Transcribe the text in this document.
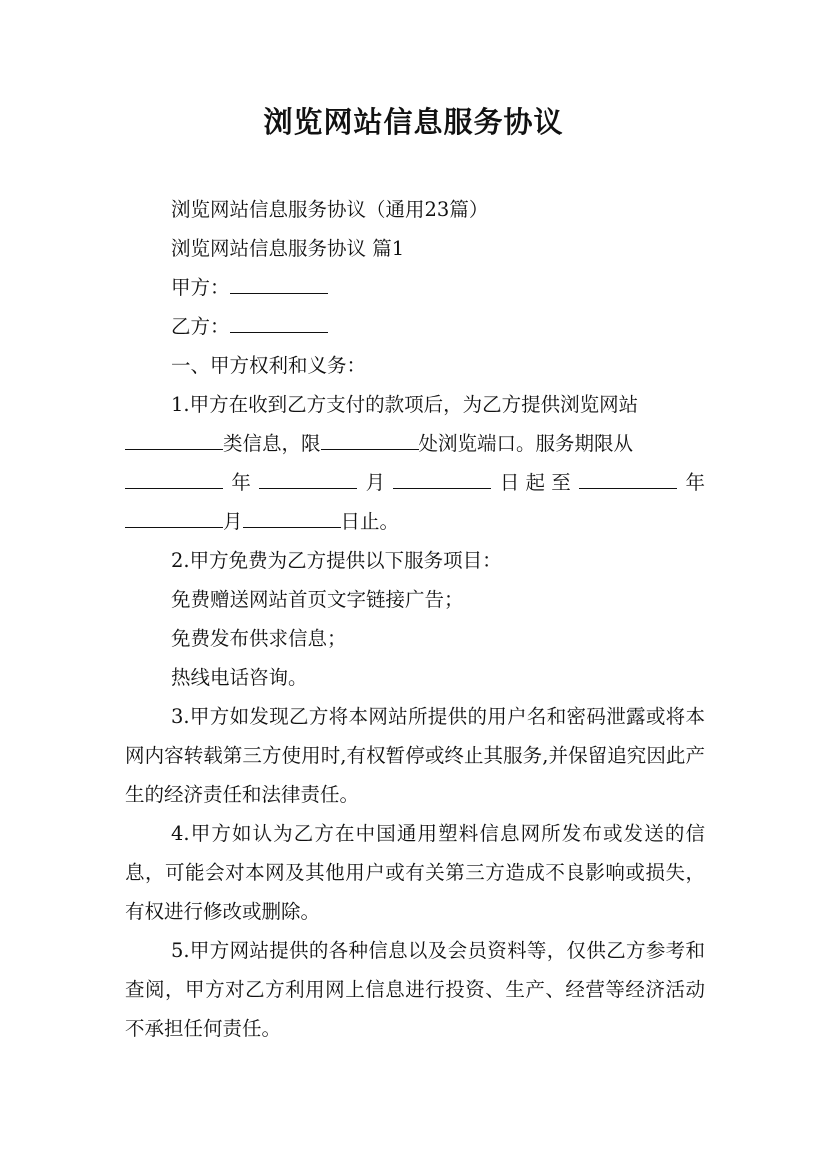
浏览网站信息服务协议

浏览网站信息服务协议（通用23篇）

浏览网站信息服务协议 篇1

甲方：

乙方：

一、甲方权利和义务：

1.甲方在收到乙方支付的款项后，为乙方提供浏览网站
类信息，限	处浏览端口。服务期限从
年	月	日 起 至	年
月	日止。

2.甲方免费为乙方提供以下服务项目：

免费赠送网站首页文字链接广告；

免费发布供求信息；

热线电话咨询。

3.甲方如发现乙方将本网站所提供的用户名和密码泄露或将本网内容转载第三方使用时,有权暂停或终止其服务,并保留追究因此产生的经济责任和法律责任。

4.甲方如认为乙方在中国通用塑料信息网所发布或发送的信息，可能会对本网及其他用户或有关第三方造成不良影响或损失，有权进行修改或删除。

5.甲方网站提供的各种信息以及会员资料等，仅供乙方参考和查阅，甲方对乙方利用网上信息进行投资、生产、经营等经济活动不承担任何责任。
